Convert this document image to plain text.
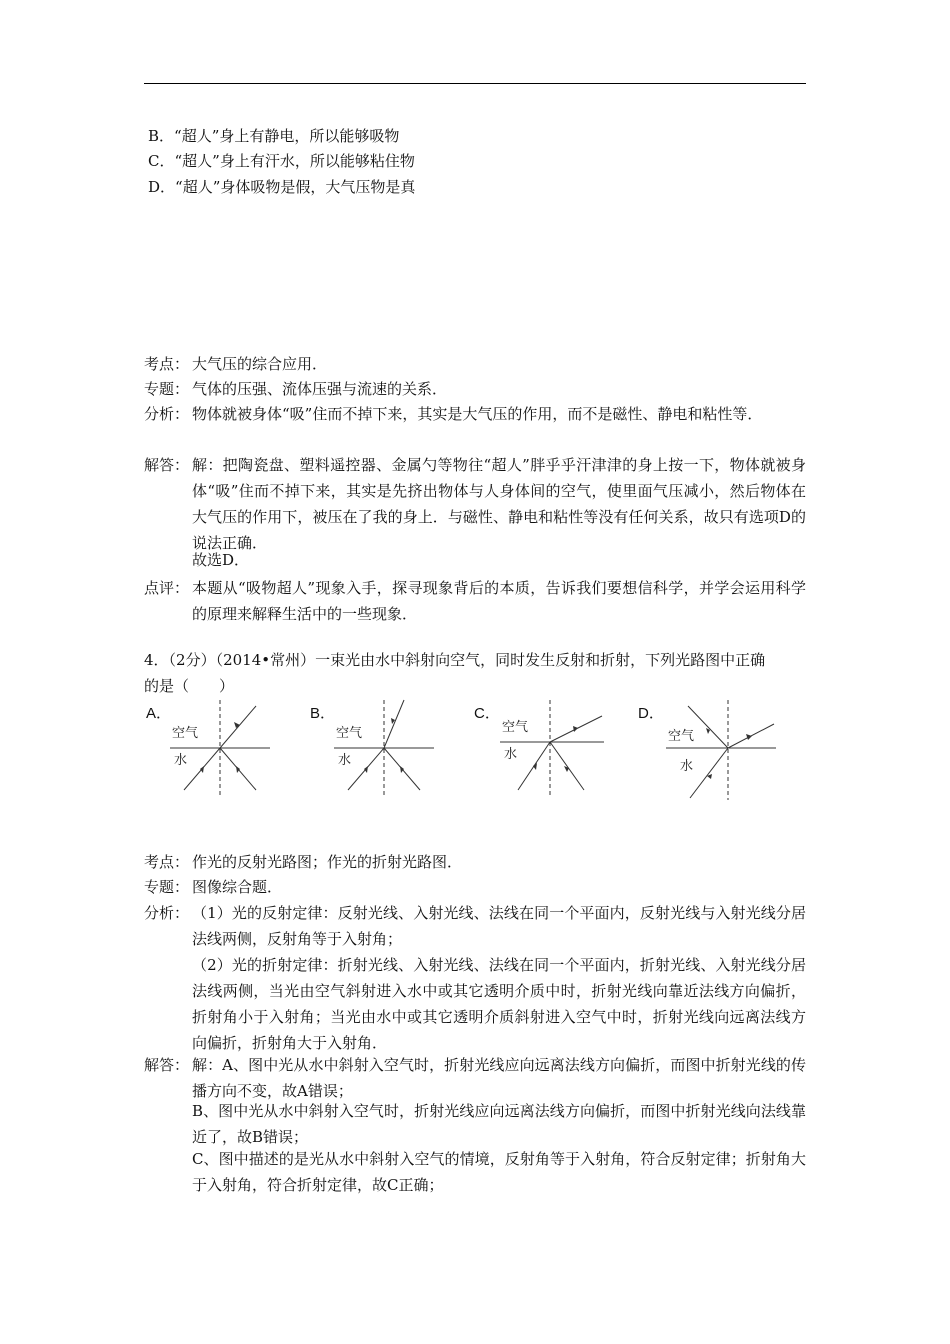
B．“超人”身上有静电，所以能够吸物
C．“超人”身上有汗水，所以能够粘住物
D．“超人”身体吸物是假，大气压物是真
考点： 大气压的综合应用．
专题： 气体的压强、流体压强与流速的关系．
分析： 物体就被身体“吸”住而不掉下来，其实是大气压的作用，而不是磁性、静电和粘性等．
解答： 解：把陶瓷盘、塑料遥控器、金属勺等物往“超人”胖乎乎汗津津的身上按一下，物体就被身体“吸”住而不掉下来，其实是先挤出物体与人身体间的空气，使里面气压减小，然后物体在大气压的作用下，被压在了我的身上．与磁性、静电和粘性等没有任何关系，故只有选项D的说法正确．
故选D．
点评： 本题从“吸物超人”现象入手，探寻现象背后的本质，告诉我们要想信科学，并学会运用科学的原理来解释生活中的一些现象．
4．（2分）（2014•常州）一束光由水中斜射向空气，同时发生反射和折射，下列光路图中正确
的是（　　）
A．	B．	C．	D．
空气
水
空气
水
空气
水
空气
水
考点： 作光的反射光路图；作光的折射光路图．
专题： 图像综合题．
分析： （1）光的反射定律：反射光线、入射光线、法线在同一个平面内，反射光线与入射光线分居法线两侧，反射角等于入射角；
（2）光的折射定律：折射光线、入射光线、法线在同一个平面内，折射光线、入射光线分居法线两侧，当光由空气斜射进入水中或其它透明介质中时，折射光线向靠近法线方向偏折，折射角小于入射角；当光由水中或其它透明介质斜射进入空气中时，折射光线向远离法线方向偏折，折射角大于入射角．
解答： 解：A、图中光从水中斜射入空气时，折射光线应向远离法线方向偏折，而图中折射光线的传播方向不变，故A错误；
B、图中光从水中斜射入空气时，折射光线应向远离法线方向偏折，而图中折射光线向法线靠近了，故B错误；
C、图中描述的是光从水中斜射入空气的情境，反射角等于入射角，符合反射定律；折射角大于入射角，符合折射定律，故C正确；
